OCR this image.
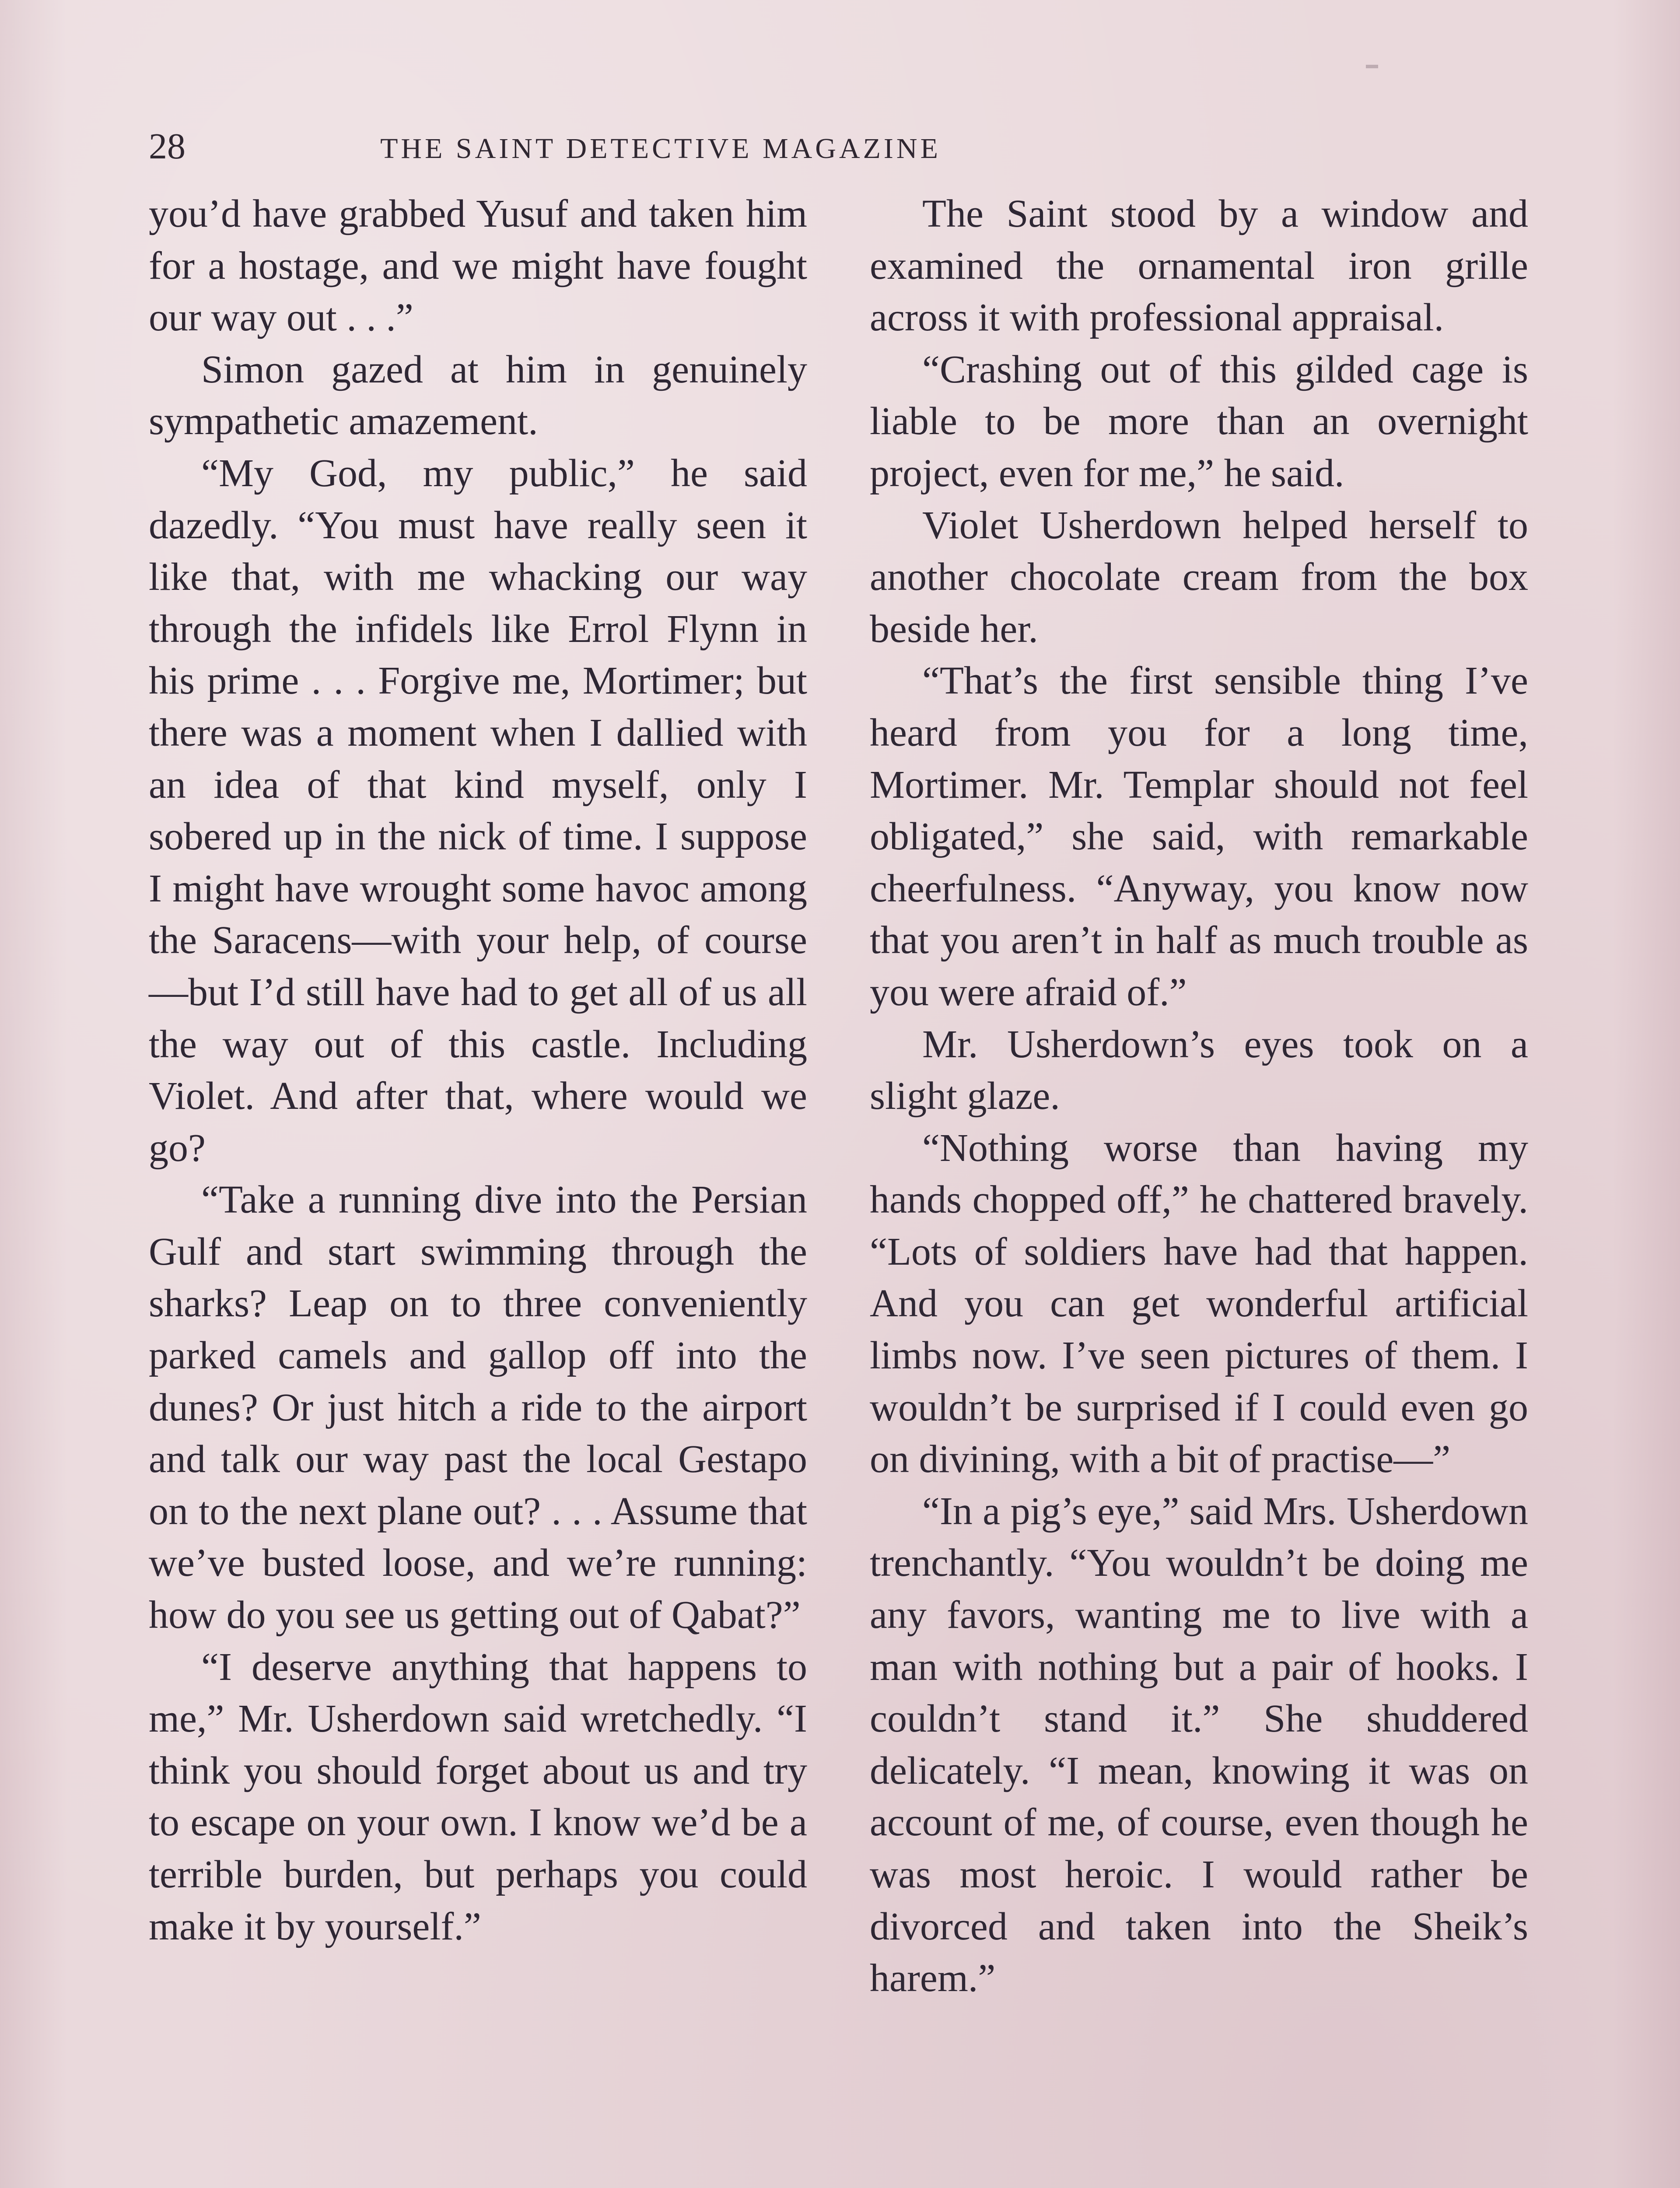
28	THE SAINT DETECTIVE MAGAZINE

you’d have grabbed Yusuf and taken him for a hostage, and we might have fought our way out . . .”

Simon gazed at him in genuinely sympathetic amazement.

“My God, my public,” he said dazedly. “You must have really seen it like that, with me whacking our way through the infidels like Errol Flynn in his prime . . . Forgive me, Mortimer; but there was a moment when I dallied with an idea of that kind myself, only I sobered up in the nick of time. I suppose I might have wrought some havoc among the Saracens—with your help, of course—but I’d still have had to get all of us all the way out of this castle. Including Violet. And after that, where would we go?

“Take a running dive into the Persian Gulf and start swimming through the sharks? Leap on to three conveniently parked camels and gallop off into the dunes? Or just hitch a ride to the airport and talk our way past the local Gestapo on to the next plane out? . . . Assume that we’ve busted loose, and we’re running: how do you see us getting out of Qabat?”

“I deserve anything that happens to me,” Mr. Usherdown said wretchedly. “I think you should forget about us and try to escape on your own. I know we’d be a terrible burden, but perhaps you could make it by yourself.”

The Saint stood by a window and examined the ornamental iron grille across it with professional appraisal.

“Crashing out of this gilded cage is liable to be more than an overnight project, even for me,” he said.

Violet Usherdown helped herself to another chocolate cream from the box beside her.

“That’s the first sensible thing I’ve heard from you for a long time, Mortimer. Mr. Templar should not feel obligated,” she said, with remarkable cheerfulness. “Anyway, you know now that you aren’t in half as much trouble as you were afraid of.”

Mr. Usherdown’s eyes took on a slight glaze.

“Nothing worse than having my hands chopped off,” he chattered bravely. “Lots of soldiers have had that happen. And you can get wonderful artificial limbs now. I’ve seen pictures of them. I wouldn’t be surprised if I could even go on divining, with a bit of practise—”

“In a pig’s eye,” said Mrs. Usherdown trenchantly. “You wouldn’t be doing me any favors, wanting me to live with a man with nothing but a pair of hooks. I couldn’t stand it.” She shuddered delicately. “I mean, knowing it was on account of me, of course, even though he was most heroic. I would rather be divorced and taken into the Sheik’s harem.”
